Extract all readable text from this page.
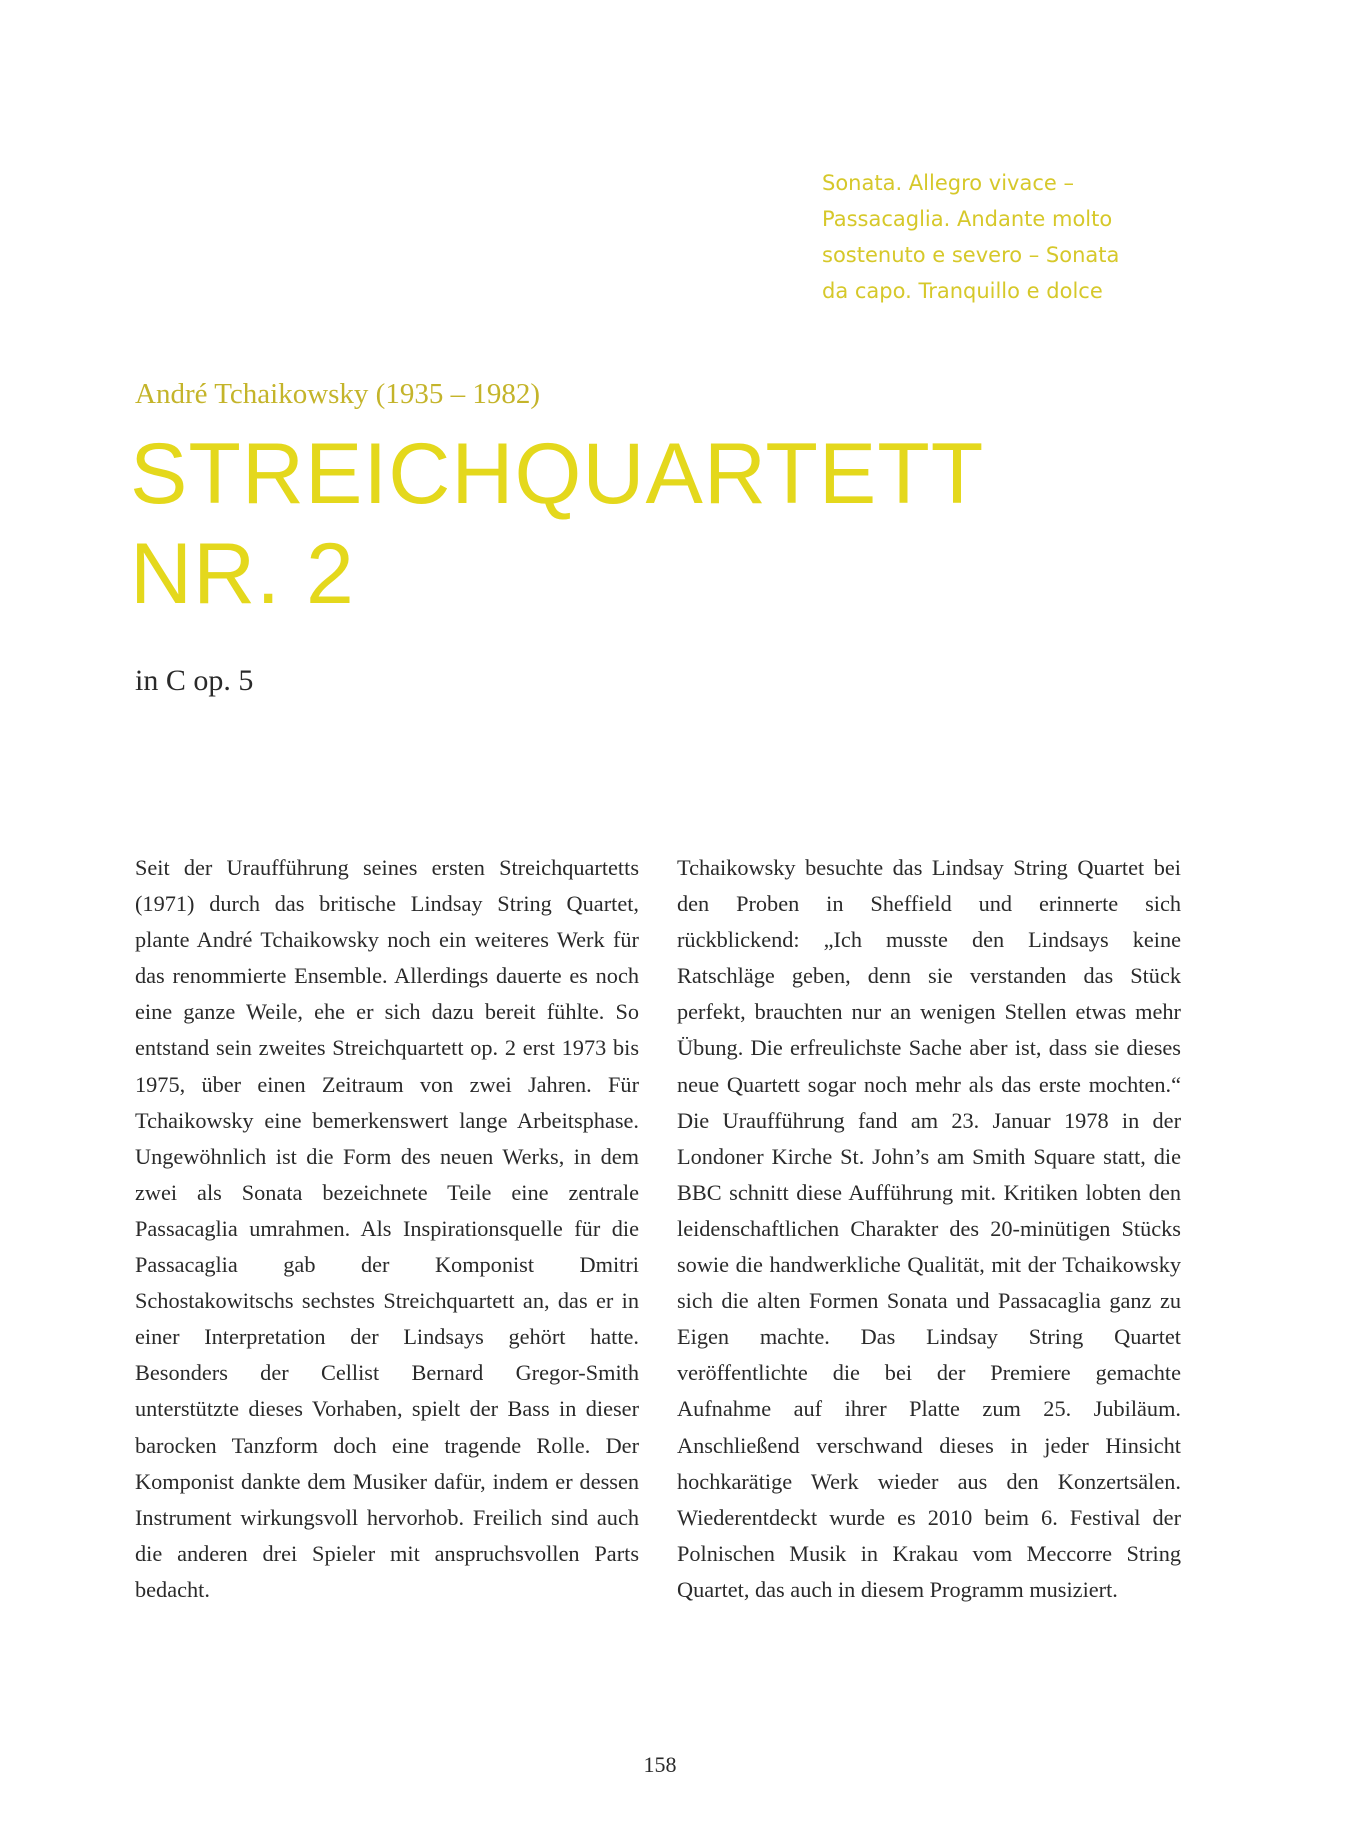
Sonata. Allegro vivace –
Passacaglia. Andante molto
sostenuto e severo – Sonata
da capo. Tranquillo e dolce
André Tchaikowsky (1935 – 1982)
STREICHQUARTETT
NR. 2
in C op. 5
Seit der Uraufführung seines ersten Streichquartetts (1971) durch das britische Lindsay String Quartet, plante André Tchaikowsky noch ein weiteres Werk für das renommierte Ensemble. Allerdings dauerte es noch eine ganze Weile, ehe er sich dazu bereit fühlte. So entstand sein zweites Streichquartett op. 2 erst 1973 bis 1975, über einen Zeitraum von zwei Jahren. Für Tchaikowsky eine bemerkenswert lange Arbeitsphase. Ungewöhnlich ist die Form des neuen Werks, in dem zwei als Sonata bezeichnete Teile eine zentrale Passacaglia umrahmen. Als Inspirationsquelle für die Passacaglia gab der Komponist Dmitri Schostakowitschs sechstes Streichquartett an, das er in einer Interpretation der Lindsays gehört hatte. Besonders der Cellist Bernard Gregor-Smith unterstützte dieses Vorhaben, spielt der Bass in dieser barocken Tanzform doch eine tragende Rolle. Der Komponist dankte dem Musiker dafür, indem er dessen Instrument wirkungsvoll hervorhob. Freilich sind auch die anderen drei Spieler mit anspruchsvollen Parts bedacht.
Tchaikowsky besuchte das Lindsay String Quartet bei den Proben in Sheffield und erinnerte sich rückblickend: „Ich musste den Lindsays keine Ratschläge geben, denn sie verstanden das Stück perfekt, brauchten nur an wenigen Stellen etwas mehr Übung. Die erfreulichste Sache aber ist, dass sie dieses neue Quartett sogar noch mehr als das erste mochten.“ Die Uraufführung fand am 23. Januar 1978 in der Londoner Kirche St. John’s am Smith Square statt, die BBC schnitt diese Aufführung mit. Kritiken lobten den leidenschaftlichen Charakter des 20-minütigen Stücks sowie die handwerkliche Qualität, mit der Tchaikowsky sich die alten Formen Sonata und Passacaglia ganz zu Eigen machte. Das Lindsay String Quartet veröffentlichte die bei der Premiere gemachte Aufnahme auf ihrer Platte zum 25. Jubiläum. Anschließend verschwand dieses in jeder Hinsicht hochkarätige Werk wieder aus den Konzertsälen. Wiederentdeckt wurde es 2010 beim 6. Festival der Polnischen Musik in Krakau vom Meccorre String Quartet, das auch in diesem Programm musiziert.
158
